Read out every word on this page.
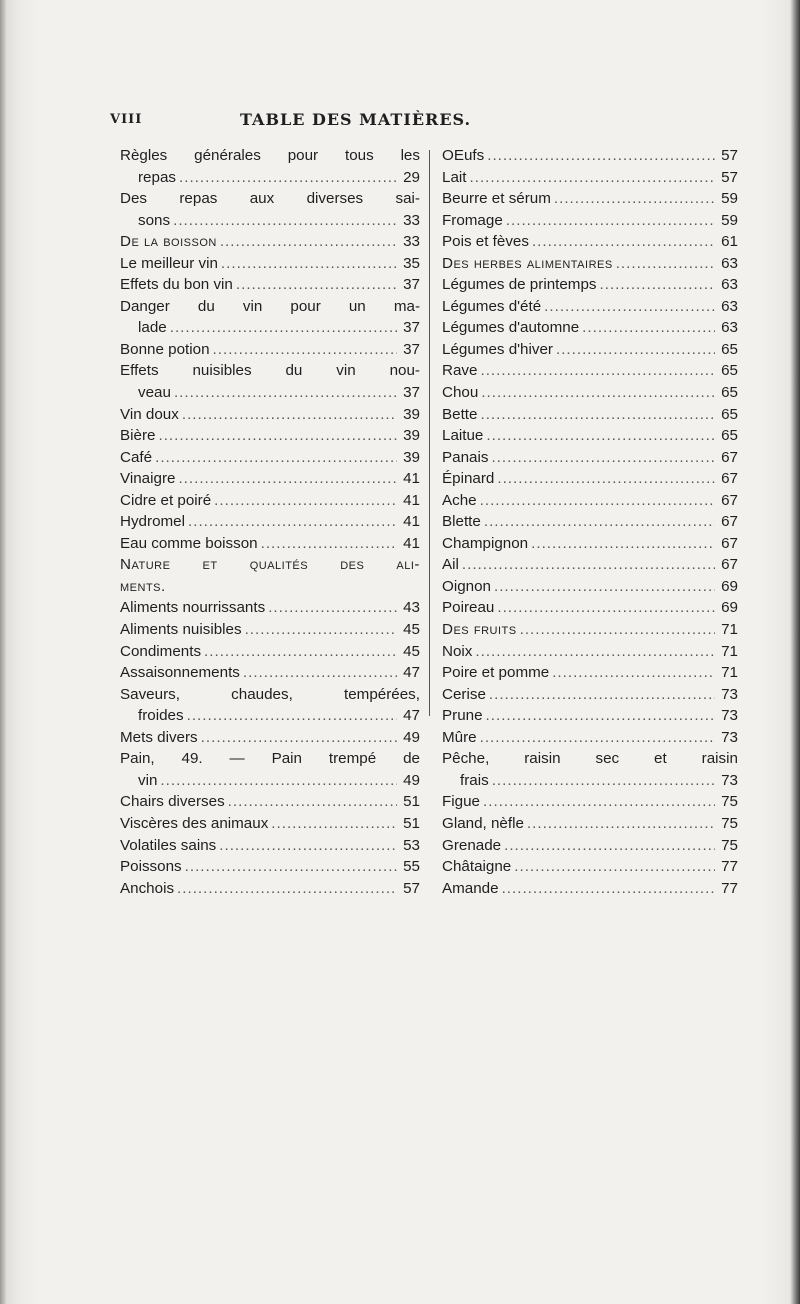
VIII	TABLE DES MATIÈRES.
Règles générales pour tous les
repas .....	29
Des repas aux diverses sai-
sons .....	33
De la boisson .....	33
Le meilleur vin .....	35
Effets du bon vin .....	37
Danger du vin pour un ma-
lade .....	37
Bonne potion .....	37
Effets nuisibles du vin nou-
veau .....	37
Vin doux .....	39
Bière .....	39
Café .....	39
Vinaigre .....	41
Cidre et poiré .....	41
Hydromel .....	41
Eau comme boisson .....	41
Nature et qualités des ali-
ments.
Aliments nourrissants .....	43
Aliments nuisibles .....	45
Condiments .....	45
Assaisonnements .....	47
Saveurs,	chaudes,	tempérées,
froides .....	47
Mets divers .....	49
Pain, 49. — Pain trempé de
vin .....	49
Chairs diverses .....	51
Viscères des animaux .....	51
Volatiles sains .....	53
Poissons .....	55
Anchois .....	57
OEufs .....	57
Lait .....	57
Beurre et sérum .....	59
Fromage .....	59
Pois et fèves .....	61
Des herbes alimentaires .....	63
Légumes de printemps .....	63
Légumes d'été .....	63
Légumes d'automne .....	63
Légumes d'hiver .....	65
Rave .....	65
Chou .....	65
Bette .....	65
Laitue .....	65
Panais .....	67
Épinard .....	67
Ache .....	67
Blette .....	67
Champignon .....	67
Ail .....	67
Oignon .....	69
Poireau .....	69
Des fruits .....	71
Noix .....	71
Poire et pomme .....	71
Cerise .....	73
Prune .....	73
Mûre .....	73
Pêche, raisin sec et raisin
frais .....	73
Figue .....	75
Gland, nèfle .....	75
Grenade .....	75
Châtaigne .....	77
Amande .....	77
